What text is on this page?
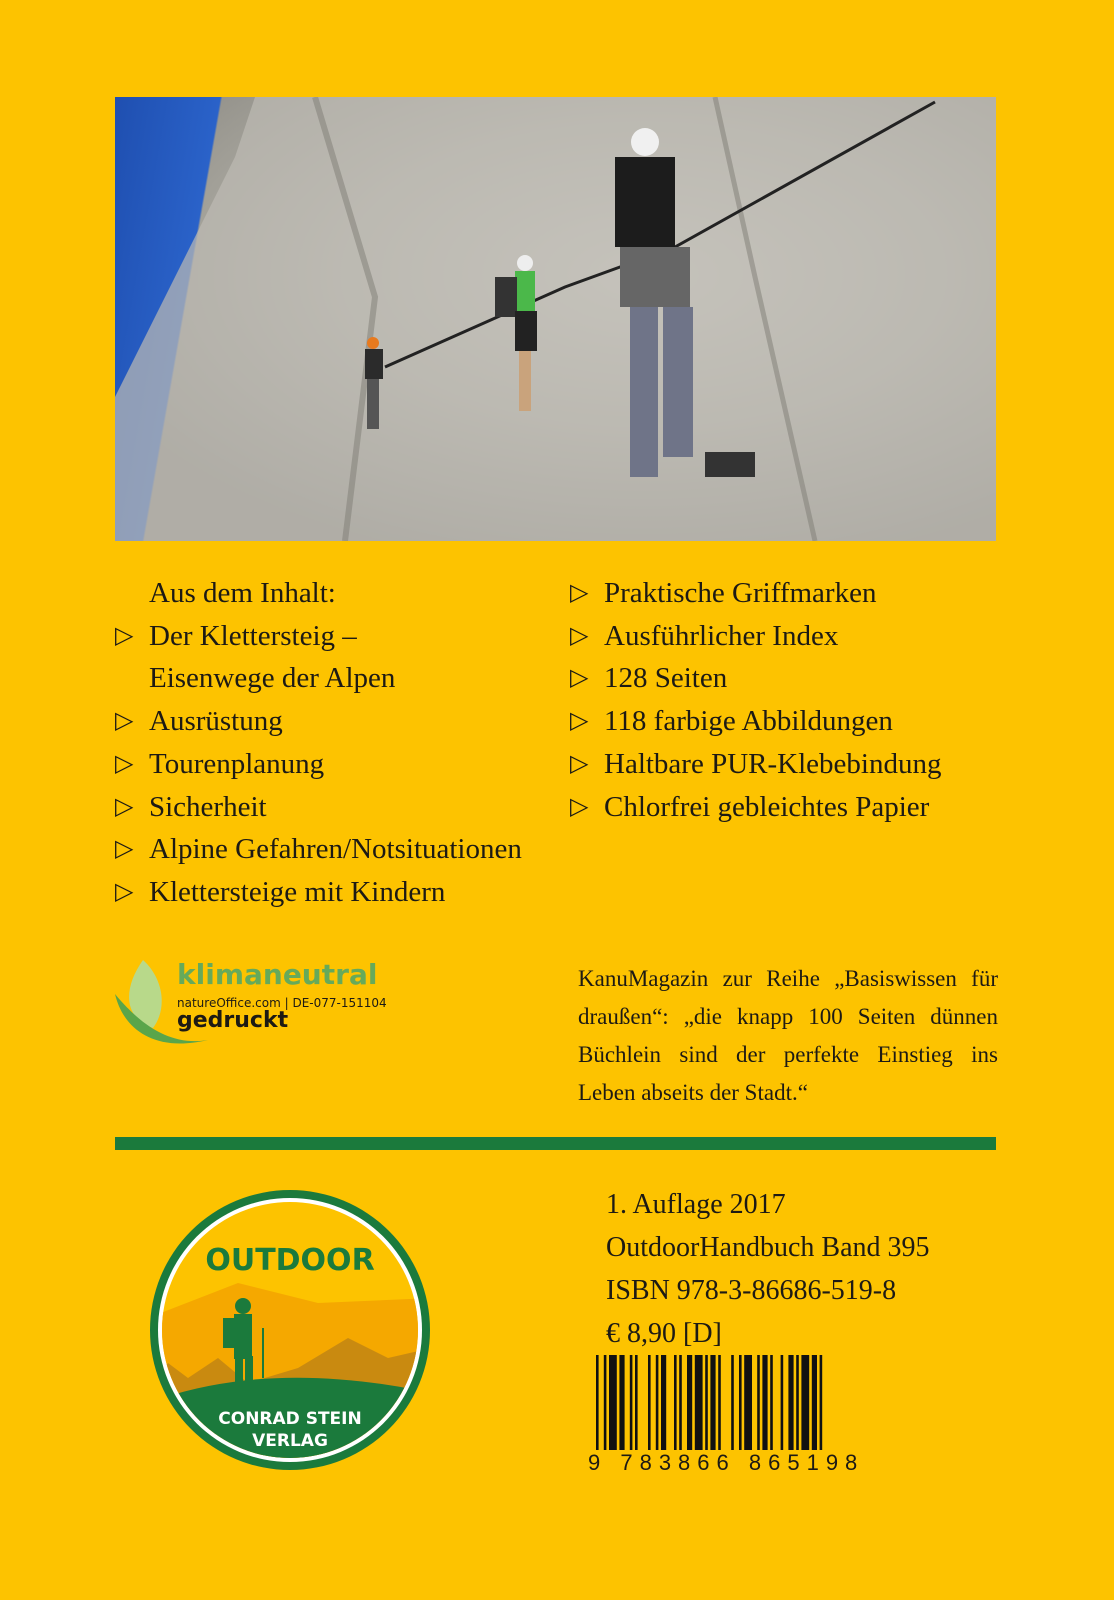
Aus dem Inhalt:
▷ Der Klettersteig –
Eisenwege der Alpen
▷ Ausrüstung
▷ Tourenplanung
▷ Sicherheit
▷ Alpine Gefahren/Notsituationen
▷ Klettersteige mit Kindern
▷ Praktische Griffmarken
▷ Ausführlicher Index
▷ 128 Seiten
▷ 118 farbige Abbildungen
▷ Haltbare PUR-Klebebindung
▷ Chlorfrei gebleichtes Papier
klimaneutral
natureOffice.com | DE-077-151104
gedruckt
KanuMagazin zur Reihe „Basiswissen für draußen“: „die knapp 100 Seiten dünnen Büchlein sind der perfekte Einstieg ins Leben abseits der Stadt.“
OUTDOOR
CONRAD STEIN
VERLAG
1. Auflage 2017
OutdoorHandbuch Band 395
ISBN 978-3-86686-519-8
€ 8,90 [D]
9 783866 865198
